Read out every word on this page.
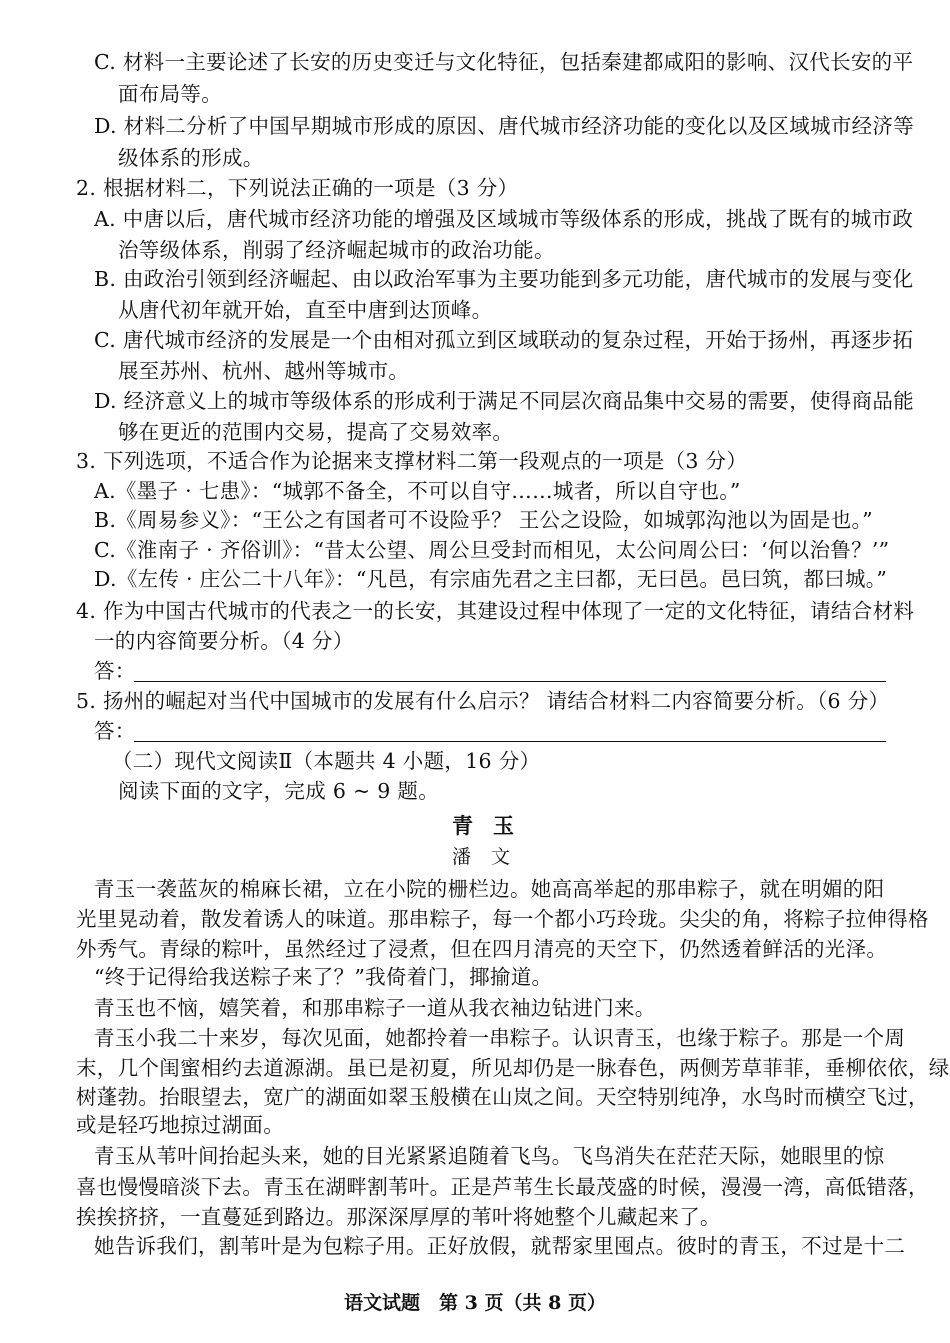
C. 材料一主要论述了长安的历史变迁与文化特征，包括秦建都咸阳的影响、汉代长安的平
面布局等。
D. 材料二分析了中国早期城市形成的原因、唐代城市经济功能的变化以及区域城市经济等
级体系的形成。
2. 根据材料二，下列说法正确的一项是（3 分）
A. 中唐以后，唐代城市经济功能的增强及区域城市等级体系的形成，挑战了既有的城市政
治等级体系，削弱了经济崛起城市的政治功能。
B. 由政治引领到经济崛起、由以政治军事为主要功能到多元功能，唐代城市的发展与变化
从唐代初年就开始，直至中唐到达顶峰。
C. 唐代城市经济的发展是一个由相对孤立到区域联动的复杂过程，开始于扬州，再逐步拓
展至苏州、杭州、越州等城市。
D. 经济意义上的城市等级体系的形成利于满足不同层次商品集中交易的需要，使得商品能
够在更近的范围内交易，提高了交易效率。
3. 下列选项，不适合作为论据来支撑材料二第一段观点的一项是（3 分）
A.《墨子 · 七患》：“城郭不备全，不可以自守……城者，所以自守也。”
B.《周易参义》：“王公之有国者可不设险乎？ 王公之设险，如城郭沟池以为固是也。”
C.《淮南子 · 齐俗训》：“昔太公望、周公旦受封而相见，太公问周公曰：‘何以治鲁？’”
D.《左传 · 庄公二十八年》：“凡邑，有宗庙先君之主曰都，无曰邑。邑曰筑，都曰城。”
4. 作为中国古代城市的代表之一的长安，其建设过程中体现了一定的文化特征，请结合材料
一的内容简要分析。（4 分）
答：
5. 扬州的崛起对当代中国城市的发展有什么启示？ 请结合材料二内容简要分析。（6 分）
答：
（二）现代文阅读Ⅱ（本题共 4 小题，16 分）
阅读下面的文字，完成 6 ~ 9 题。
青玉
潘文
青玉一袭蓝灰的棉麻长裙，立在小院的栅栏边。她高高举起的那串粽子，就在明媚的阳
光里晃动着，散发着诱人的味道。那串粽子，每一个都小巧玲珑。尖尖的角，将粽子拉伸得格
外秀气。青绿的粽叶，虽然经过了浸煮，但在四月清亮的天空下，仍然透着鲜活的光泽。
“终于记得给我送粽子来了？”我倚着门，揶揄道。
青玉也不恼，嬉笑着，和那串粽子一道从我衣袖边钻进门来。
青玉小我二十来岁，每次见面，她都拎着一串粽子。认识青玉，也缘于粽子。那是一个周
末，几个闺蜜相约去道源湖。虽已是初夏，所见却仍是一脉春色，两侧芳草菲菲，垂柳依依，绿
树蓬勃。抬眼望去，宽广的湖面如翠玉般横在山岚之间。天空特别纯净，水鸟时而横空飞过，
或是轻巧地掠过湖面。
青玉从苇叶间抬起头来，她的目光紧紧追随着飞鸟。飞鸟消失在茫茫天际，她眼里的惊
喜也慢慢暗淡下去。青玉在湖畔割苇叶。正是芦苇生长最茂盛的时候，漫漫一湾，高低错落，
挨挨挤挤，一直蔓延到路边。那深深厚厚的苇叶将她整个儿藏起来了。
她告诉我们，割苇叶是为包粽子用。正好放假，就帮家里囤点。彼时的青玉，不过是十二
语文试题　第 3 页（共 8 页）
